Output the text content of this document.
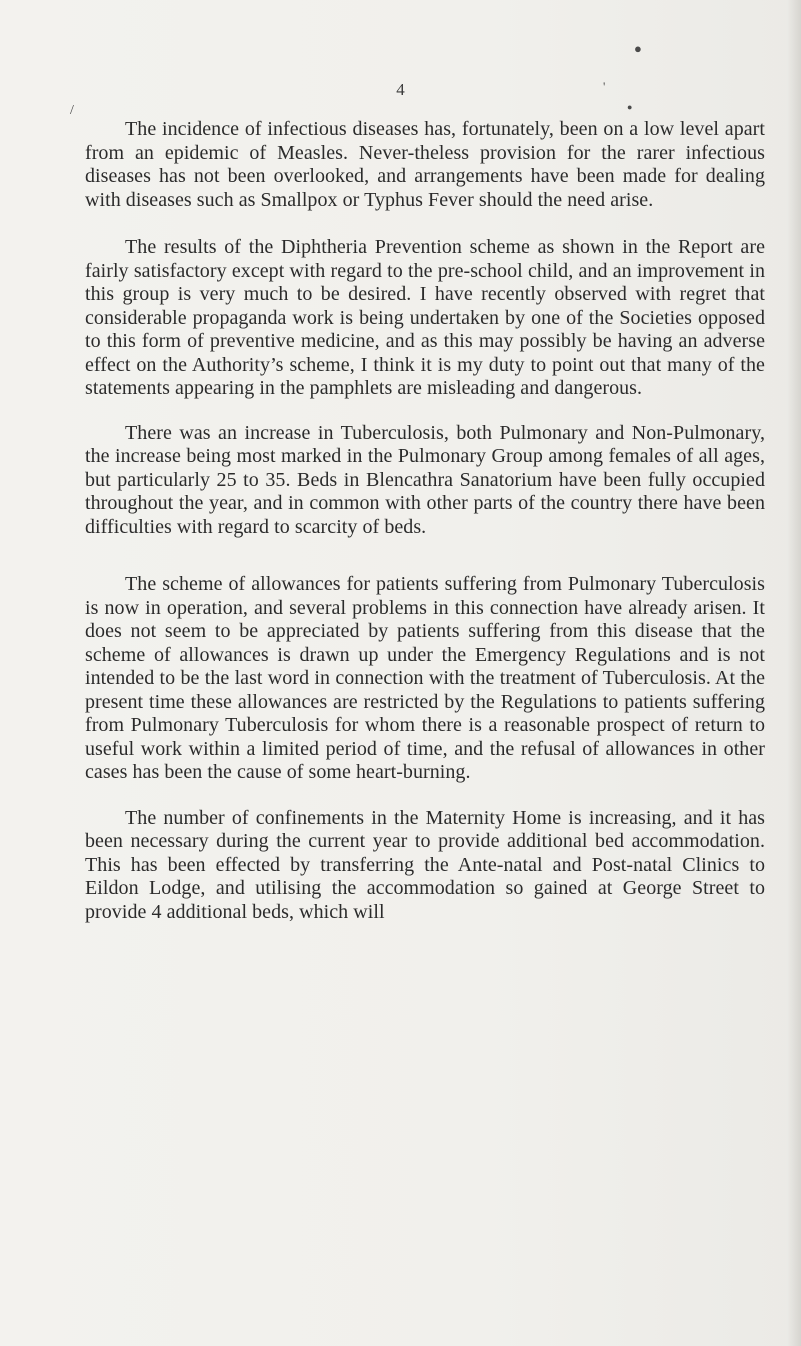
●
'
●
/
4

The incidence of infectious diseases has, fortunately, been on a low level apart from an epidemic of Measles. Never-theless provision for the rarer infectious diseases has not been overlooked, and arrangements have been made for dealing with diseases such as Smallpox or Typhus Fever should the need arise.

The results of the Diphtheria Prevention scheme as shown in the Report are fairly satisfactory except with regard to the pre-school child, and an improvement in this group is very much to be desired. I have recently observed with regret that considerable propaganda work is being undertaken by one of the Societies opposed to this form of preventive medicine, and as this may possibly be having an adverse effect on the Authority’s scheme, I think it is my duty to point out that many of the statements appearing in the pamphlets are misleading and dangerous.

There was an increase in Tuberculosis, both Pulmonary and Non-Pulmonary, the increase being most marked in the Pulmonary Group among females of all ages, but particularly 25 to 35. Beds in Blencathra Sanatorium have been fully occupied throughout the year, and in common with other parts of the country there have been difficulties with regard to scarcity of beds.

The scheme of allowances for patients suffering from Pulmonary Tuberculosis is now in operation, and several problems in this connection have already arisen. It does not seem to be appreciated by patients suffering from this disease that the scheme of allowances is drawn up under the Emergency Regulations and is not intended to be the last word in connection with the treatment of Tuberculosis. At the present time these allowances are restricted by the Regulations to patients suffering from Pulmonary Tuberculosis for whom there is a reasonable prospect of return to useful work within a limited period of time, and the refusal of allowances in other cases has been the cause of some heart-burning.

The number of confinements in the Maternity Home is increasing, and it has been necessary during the current year to provide additional bed accommodation. This has been effected by transferring the Ante-natal and Post-natal Clinics to Eildon Lodge, and utilising the accommodation so gained at George Street to provide 4 additional beds, which will
